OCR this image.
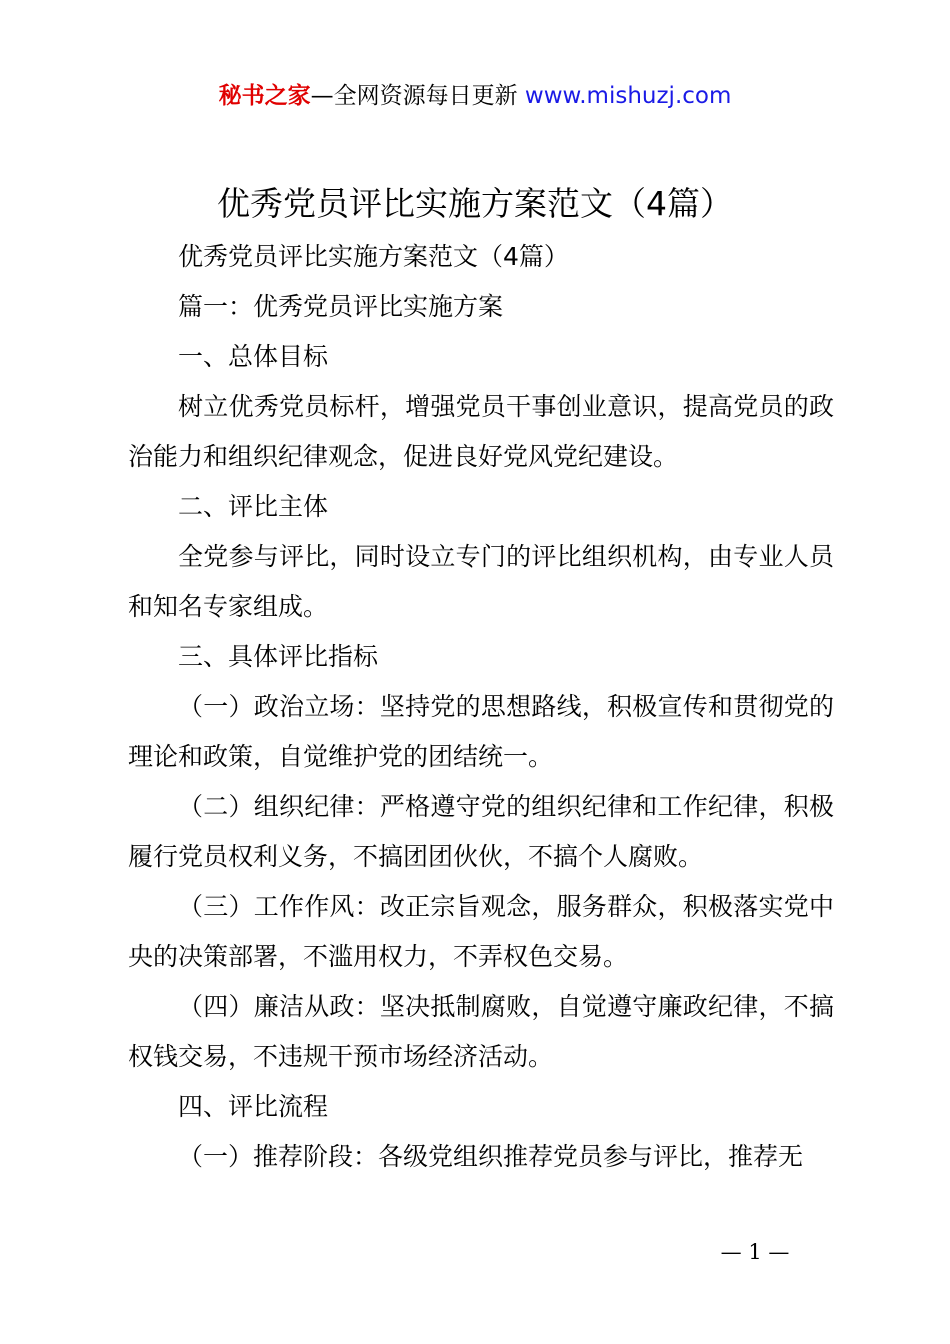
秘书之家—全网资源每日更新 www.mishuzj.com
优秀党员评比实施方案范文（4篇）

优秀党员评比实施方案范文（4篇）

篇一：优秀党员评比实施方案

一、总体目标

树立优秀党员标杆，增强党员干事创业意识，提高党员的政治能力和组织纪律观念，促进良好党风党纪建设。

二、评比主体

全党参与评比，同时设立专门的评比组织机构，由专业人员和知名专家组成。

三、具体评比指标

（一）政治立场：坚持党的思想路线，积极宣传和贯彻党的理论和政策，自觉维护党的团结统一。

（二）组织纪律：严格遵守党的组织纪律和工作纪律，积极履行党员权利义务，不搞团团伙伙，不搞个人腐败。

（三）工作作风：改正宗旨观念，服务群众，积极落实党中央的决策部署，不滥用权力，不弄权色交易。

（四）廉洁从政：坚决抵制腐败，自觉遵守廉政纪律，不搞权钱交易，不违规干预市场经济活动。

四、评比流程

（一）推荐阶段：各级党组织推荐党员参与评比，推荐无

— 1 —
